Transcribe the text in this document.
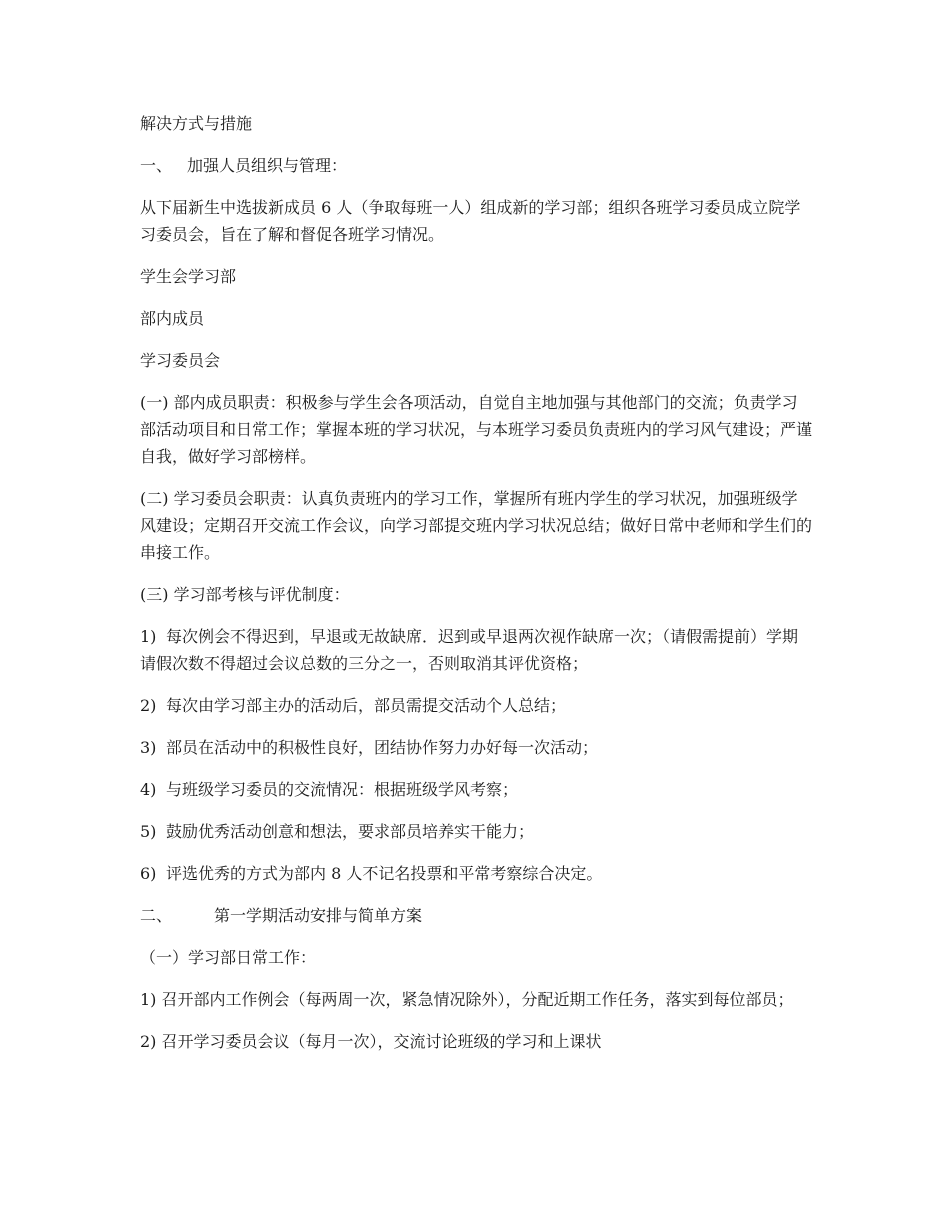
解决方式与措施

一、 加强人员组织与管理：

从下届新生中选拔新成员 6 人（争取每班一人）组成新的学习部；组织各班学习委员成立院学习委员会，旨在了解和督促各班学习情况。

学生会学习部

部内成员

学习委员会

(一) 部内成员职责：积极参与学生会各项活动，自觉自主地加强与其他部门的交流；负责学习部活动项目和日常工作；掌握本班的学习状况，与本班学习委员负责班内的学习风气建设；严谨自我，做好学习部榜样。

(二) 学习委员会职责：认真负责班内的学习工作，掌握所有班内学生的学习状况，加强班级学风建设；定期召开交流工作会议，向学习部提交班内学习状况总结；做好日常中老师和学生们的串接工作。

(三) 学习部考核与评优制度：

1) 每次例会不得迟到，早退或无故缺席．迟到或早退两次视作缺席一次；（请假需提前）学期请假次数不得超过会议总数的三分之一，否则取消其评优资格；

2) 每次由学习部主办的活动后，部员需提交活动个人总结；

3) 部员在活动中的积极性良好，团结协作努力办好每一次活动；

4) 与班级学习委员的交流情况：根据班级学风考察；

5) 鼓励优秀活动创意和想法，要求部员培养实干能力；

6) 评选优秀的方式为部内 8 人不记名投票和平常考察综合决定。

二、	第一学期活动安排与简单方案

（一）学习部日常工作：

1) 召开部内工作例会（每两周一次，紧急情况除外），分配近期工作任务，落实到每位部员；

2) 召开学习委员会议（每月一次），交流讨论班级的学习和上课状
